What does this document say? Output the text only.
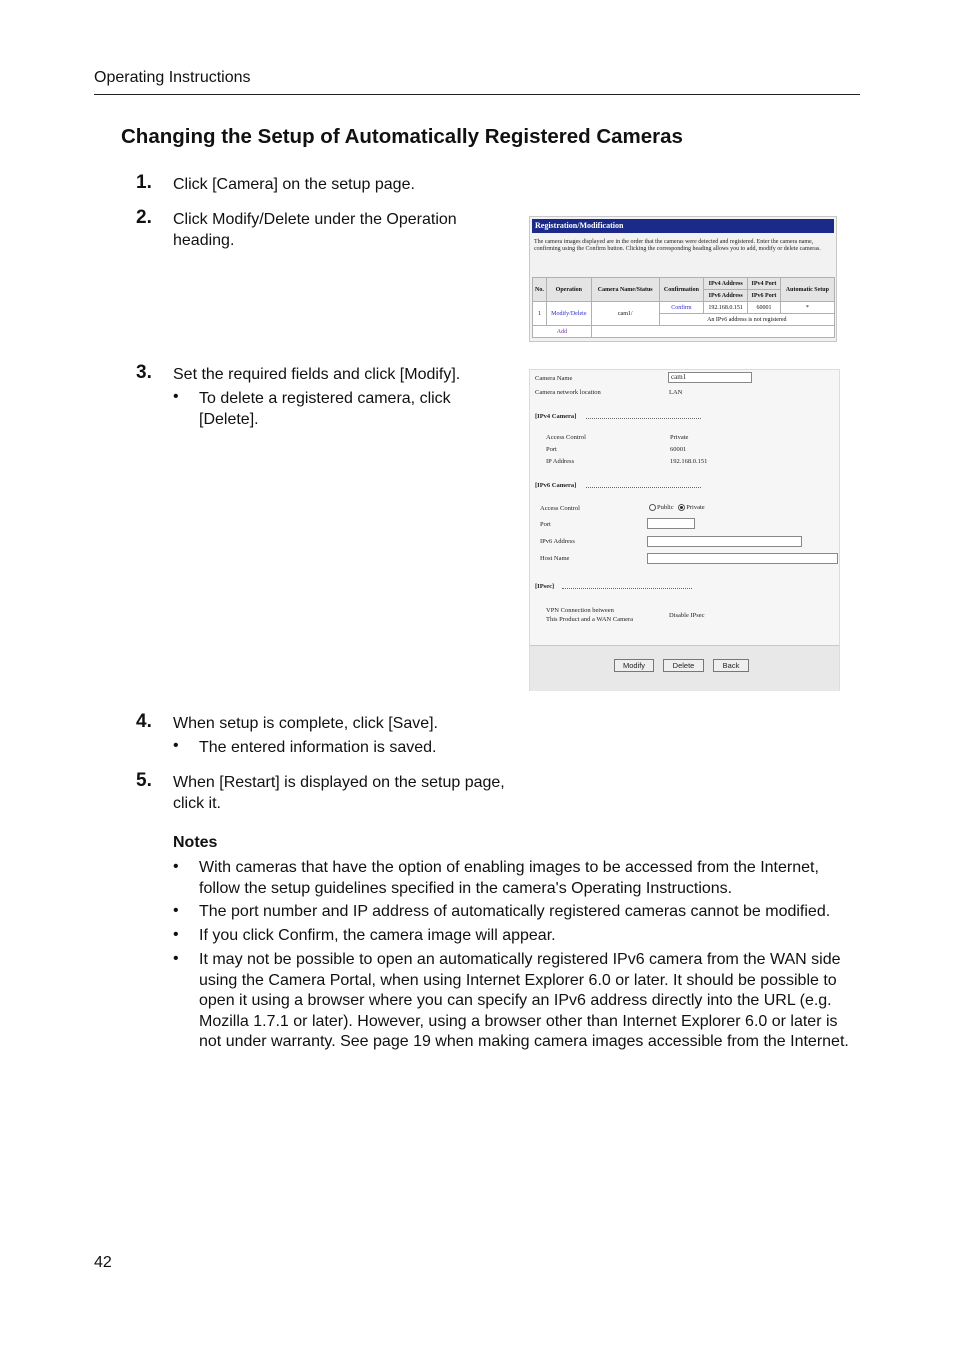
Operating Instructions
Changing the Setup of Automatically Registered Cameras
1. Click [Camera] on the setup page.
2. Click Modify/Delete under the Operation heading.
3. Set the required fields and click [Modify].
• To delete a registered camera, click [Delete].
4. When setup is complete, click [Save].
• The entered information is saved.
5. When [Restart] is displayed on the setup page, click it.
Notes
• With cameras that have the option of enabling images to be accessed from the Internet, follow the setup guidelines specified in the camera's Operating Instructions.
• The port number and IP address of automatically registered cameras cannot be modified.
• If you click Confirm, the camera image will appear.
• It may not be possible to open an automatically registered IPv6 camera from the WAN side using the Camera Portal, when using Internet Explorer 6.0 or later. It should be possible to open it using a browser where you can specify an IPv6 address directly into the URL (e.g. Mozilla 1.7.1 or later). However, using a browser other than Internet Explorer 6.0 or later is not under warranty. See page 19 when making camera images accessible from the Internet.
42
Registration/Modification
The camera images displayed are in the order that the cameras were detected and registered. Enter the camera name, confirming using the Confirm button. Clicking the corresponding heading allows you to add, modify or delete cameras.
No.	Operation	Camera Name/Status	Confirmation	IPv4 Address	IPv4 Port	Automatic Setup
				IPv6 Address	IPv6 Port	
1	Modify/Delete	cam1/	Confirm	192.168.0.151	60001	*
			An IPv6 address is not registered			
Add						
Camera Name	cam1
Camera network location	LAN
[IPv4 Camera]
Access Control	Private
Port	60001
IP Address	192.168.0.151
[IPv6 Camera]
Access Control	Public Private
Port
IPv6 Address
Host Name
[IPsec]
VPN Connection between
This Product and a WAN Camera
Disable IPsec
Modify	Delete	Back
